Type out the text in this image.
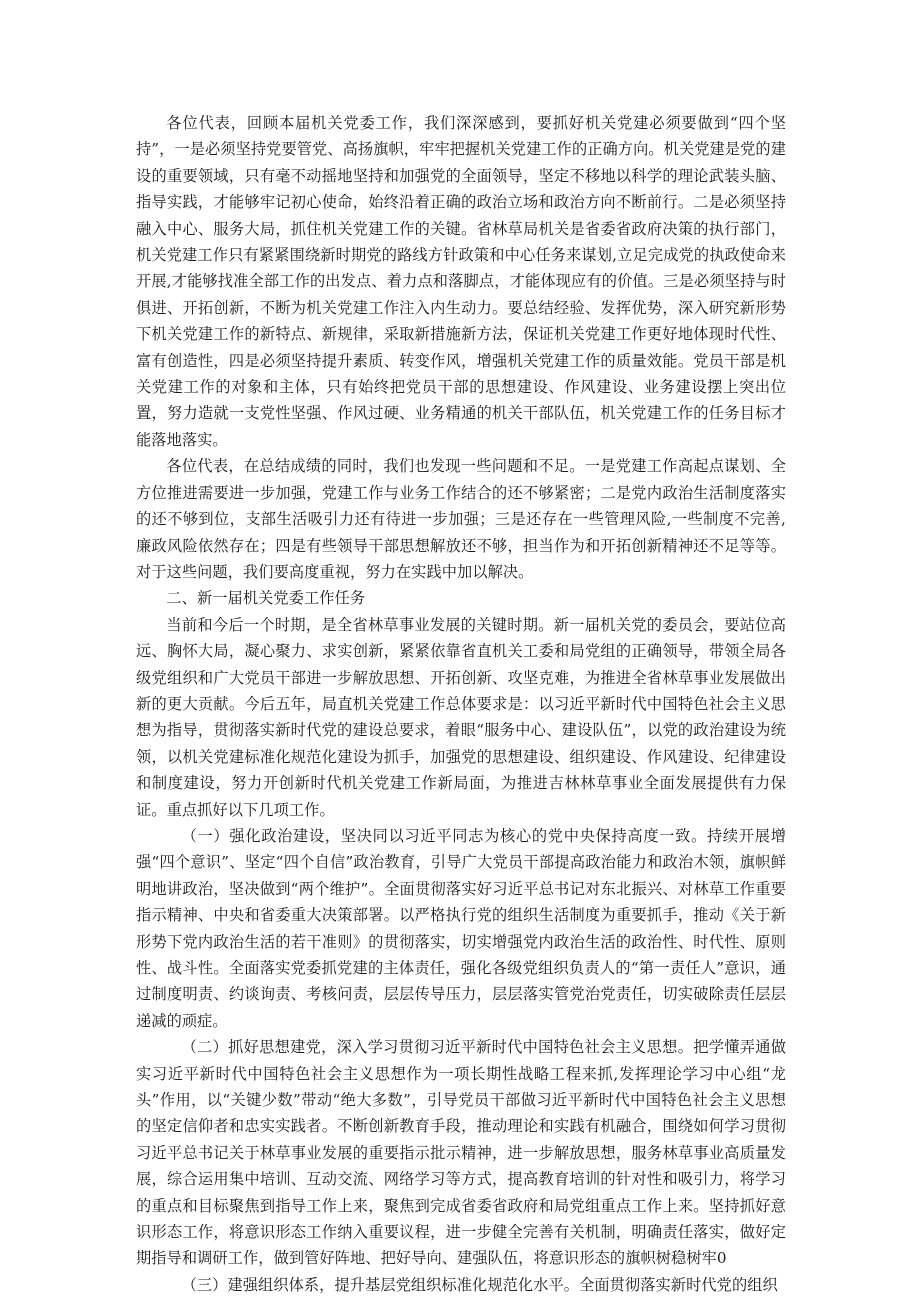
各位代表，回顾本届机关党委工作，我们深深感到，要抓好机关党建必须要做到“四个坚持”，一是必须坚持党要管党、高扬旗帜，牢牢把握机关党建工作的正确方向。机关党建是党的建设的重要领域，只有毫不动摇地坚持和加强党的全面领导，坚定不移地以科学的理论武装头脑、指导实践，才能够牢记初心使命，始终沿着正确的政治立场和政治方向不断前行。二是必须坚持融入中心、服务大局，抓住机关党建工作的关键。省林草局机关是省委省政府决策的执行部门，机关党建工作只有紧紧围绕新时期党的路线方针政策和中心任务来谋划,立足完成党的执政使命来开展,才能够找准全部工作的出发点、着力点和落脚点，才能体现应有的价值。三是必须坚持与时俱进、开拓创新，不断为机关党建工作注入内生动力。要总结经验、发挥优势，深入研究新形势下机关党建工作的新特点、新规律，采取新措施新方法，保证机关党建工作更好地体现时代性、富有创造性，四是必须坚持提升素质、转变作风，增强机关党建工作的质量效能。党员干部是机关党建工作的对象和主体，只有始终把党员干部的思想建设、作风建设、业务建设摆上突出位置，努力造就一支党性坚强、作风过硬、业务精通的机关干部队伍，机关党建工作的任务目标才能落地落实。

各位代表，在总结成绩的同时，我们也发现一些问题和不足。一是党建工作高起点谋划、全方位推进需要进一步加强，党建工作与业务工作结合的还不够紧密；二是党内政治生活制度落实的还不够到位，支部生活吸引力还有待进一步加强；三是还存在一些管理风险,一些制度不完善,廉政风险依然存在；四是有些领导干部思想解放还不够，担当作为和开拓创新精神还不足等等。对于这些问题，我们要高度重视，努力在实践中加以解决。

二、新一届机关党委工作任务

当前和今后一个时期，是全省林草事业发展的关键时期。新一届机关党的委员会，要站位高远、胸怀大局，凝心聚力、求实创新，紧紧依靠省直机关工委和局党组的正确领导，带领全局各级党组织和广大党员干部进一步解放思想、开拓创新、攻坚克难，为推进全省林草事业发展做出新的更大贡献。今后五年，局直机关党建工作总体要求是：以习近平新时代中国特色社会主义思想为指导，贯彻落实新时代党的建设总要求，着眼“服务中心、建设队伍”，以党的政治建设为统领，以机关党建标准化规范化建设为抓手，加强党的思想建设、组织建设、作风建设、纪律建设和制度建设，努力开创新时代机关党建工作新局面，为推进吉林林草事业全面发展提供有力保证。重点抓好以下几项工作。

（一）强化政治建设，坚决同以习近平同志为核心的党中央保持高度一致。持续开展增强“四个意识”、坚定“四个自信”政治教育，引导广大党员干部提高政治能力和政治木领，旗帜鲜明地讲政治，坚决做到“两个维护”。全面贯彻落实好习近平总书记对东北振兴、对林草工作重要指示精神、中央和省委重大决策部署。以严格执行党的组织生活制度为重要抓手，推动《关于新形势下党内政治生活的若干准则》的贯彻落实，切实增强党内政治生活的政治性、时代性、原则性、战斗性。全面落实党委抓党建的主体责任，强化各级党组织负责人的“第一责任人”意识，通过制度明责、约谈询责、考核问责，层层传导压力，层层落实管党治党责任，切实破除责任层层递减的顽症。

（二）抓好思想建党，深入学习贯彻习近平新时代中国特色社会主义思想。把学懂弄通做实习近平新时代中国特色社会主义思想作为一项长期性战略工程来抓,发挥理论学习中心组“龙头”作用，以“关键少数”带动“绝大多数”，引导党员干部做习近平新时代中国特色社会主义思想的坚定信仰者和忠实实践者。不断创新教育手段，推动理论和实践有机融合，围绕如何学习贯彻习近平总书记关于林草事业发展的重要指示批示精神，进一步解放思想，服务林草事业高质量发展，综合运用集中培训、互动交流、网络学习等方式，提高教育培训的针对性和吸引力，将学习的重点和目标聚焦到指导工作上来，聚焦到完成省委省政府和局党组重点工作上来。坚持抓好意识形态工作，将意识形态工作纳入重要议程，进一步健全完善有关机制，明确责任落实，做好定期指导和调研工作，做到管好阵地、把好导向、建强队伍，将意识形态的旗帜树稳树牢0

（三）建强组织体系，提升基层党组织标准化规范化水平。全面贯彻落实新时代党的组织
